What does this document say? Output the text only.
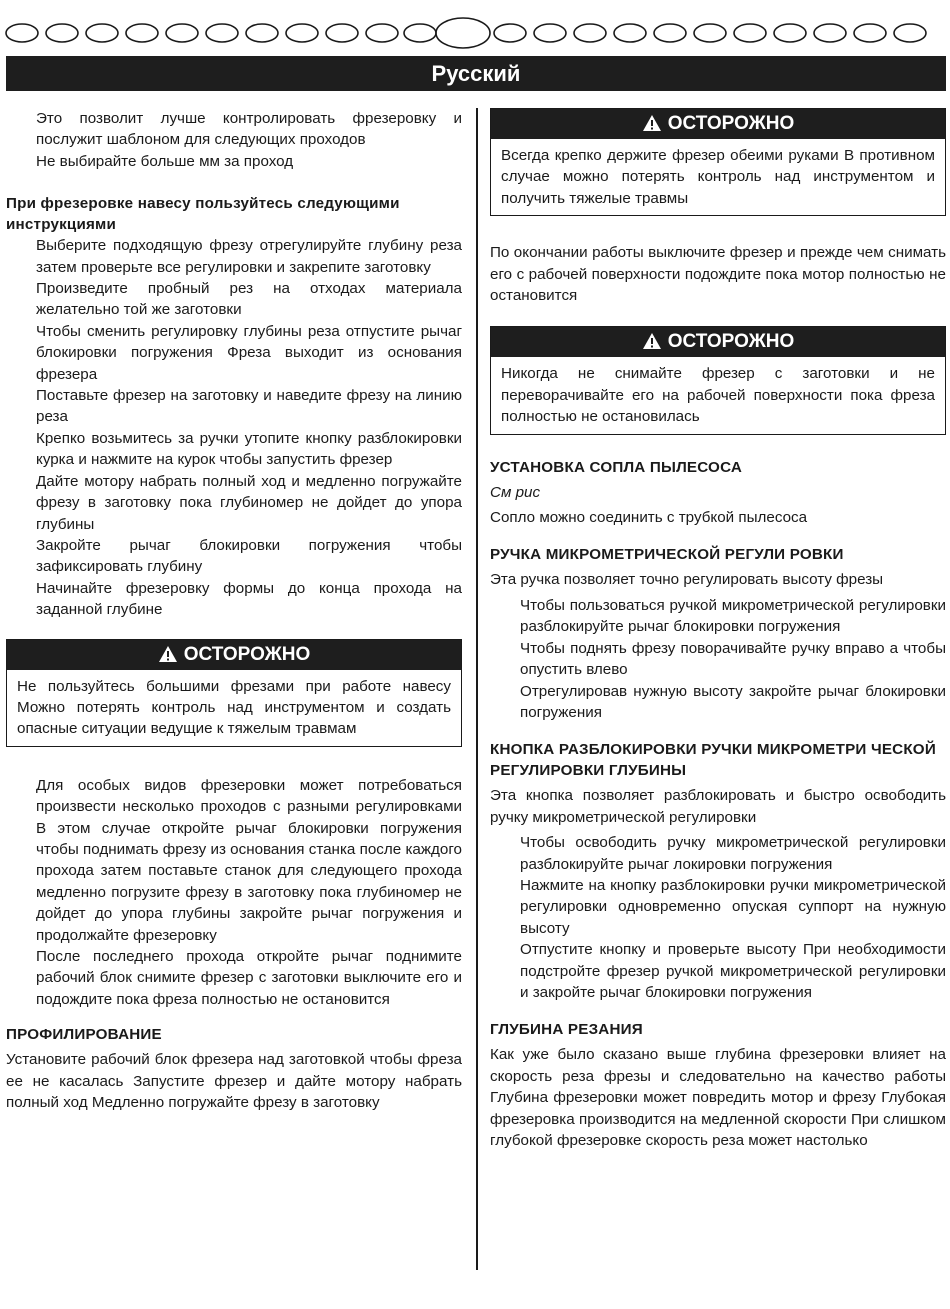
Русский

Это позволит лучше контролировать фрезеровку и послужит шаблоном для следующих проходов

Не выбирайте больше мм за проход

При фрезеровке навесу пользуйтесь следующими инструкциями

Выберите подходящую фрезу отрегулируйте глубину реза затем проверьте все регулировки и закрепите заготовку

Произведите пробный рез на отходах материала желательно той же заготовки

Чтобы сменить регулировку глубины реза отпустите рычаг блокировки погружения Фреза выходит из основания фрезера

Поставьте фрезер на заготовку и наведите фрезу на линию реза

Крепко возьмитесь за ручки утопите кнопку разблокировки курка и нажмите на курок чтобы запустить фрезер

Дайте мотору набрать полный ход и медленно погружайте фрезу в заготовку пока глубиномер не дойдет до упора глубины

Закройте рычаг блокировки погружения чтобы зафиксировать глубину

Начинайте фрезеровку формы до конца прохода на заданной глубине

ОСТОРОЖНО

Не пользуйтесь большими фрезами при работе навесу Можно потерять контроль над инструментом и создать опасные ситуации ведущие к тяжелым травмам

Для особых видов фрезеровки может потребоваться произвести несколько проходов с разными регулировками В этом случае откройте рычаг блокировки погружения чтобы поднимать фрезу из основания станка после каждого прохода затем поставьте станок для следующего прохода медленно погрузите фрезу в заготовку пока глубиномер не дойдет до упора глубины закройте рычаг погружения и продолжайте фрезеровку

После последнего прохода откройте рычаг поднимите рабочий блок снимите фрезер с заготовки выключите его и подождите пока фреза полностью не остановится

ПРОФИЛИРОВАНИЕ

Установите рабочий блок фрезера над заготовкой чтобы фреза ее не касалась Запустите фрезер и дайте мотору набрать полный ход Медленно погружайте фрезу в заготовку

ОСТОРОЖНО

Всегда крепко держите фрезер обеими руками В противном случае можно потерять контроль над инструментом и получить тяжелые травмы

По окончании работы выключите фрезер и прежде чем снимать его с рабочей поверхности подождите пока мотор полностью не остановится

ОСТОРОЖНО

Никогда не снимайте фрезер с заготовки и не переворачивайте его на рабочей поверхности пока фреза полностью не остановилась

УСТАНОВКА СОПЛА ПЫЛЕСОСА

См рис

Сопло можно соединить с трубкой пылесоса

РУЧКА МИКРОМЕТРИЧЕСКОЙ РЕГУЛИ РОВКИ

Эта ручка позволяет точно регулировать высоту фрезы

Чтобы пользоваться ручкой микрометрической регулировки разблокируйте рычаг блокировки погружения

Чтобы поднять фрезу поворачивайте ручку вправо а чтобы опустить влево

Отрегулировав нужную высоту закройте рычаг блокировки погружения

КНОПКА РАЗБЛОКИРОВКИ РУЧКИ МИКРОМЕТРИ ЧЕСКОЙ РЕГУЛИРОВКИ ГЛУБИНЫ

Эта кнопка позволяет разблокировать и быстро освободить ручку микрометрической регулировки

Чтобы освободить ручку микрометрической регулировки разблокируйте рычаг локировки погружения

Нажмите на кнопку разблокировки ручки микрометрической регулировки одновременно опуская суппорт на нужную высоту

Отпустите кнопку и проверьте высоту При необходимости подстройте фрезер ручкой микрометрической регулировки и закройте рычаг блокировки погружения

ГЛУБИНА РЕЗАНИЯ

Как уже было сказано выше глубина фрезеровки влияет на скорость реза фрезы и следовательно на качество работы Глубина фрезеровки может повредить мотор и фрезу Глубокая фрезеровка производится на медленной скорости При слишком глубокой фрезеровке скорость реза может настолько
